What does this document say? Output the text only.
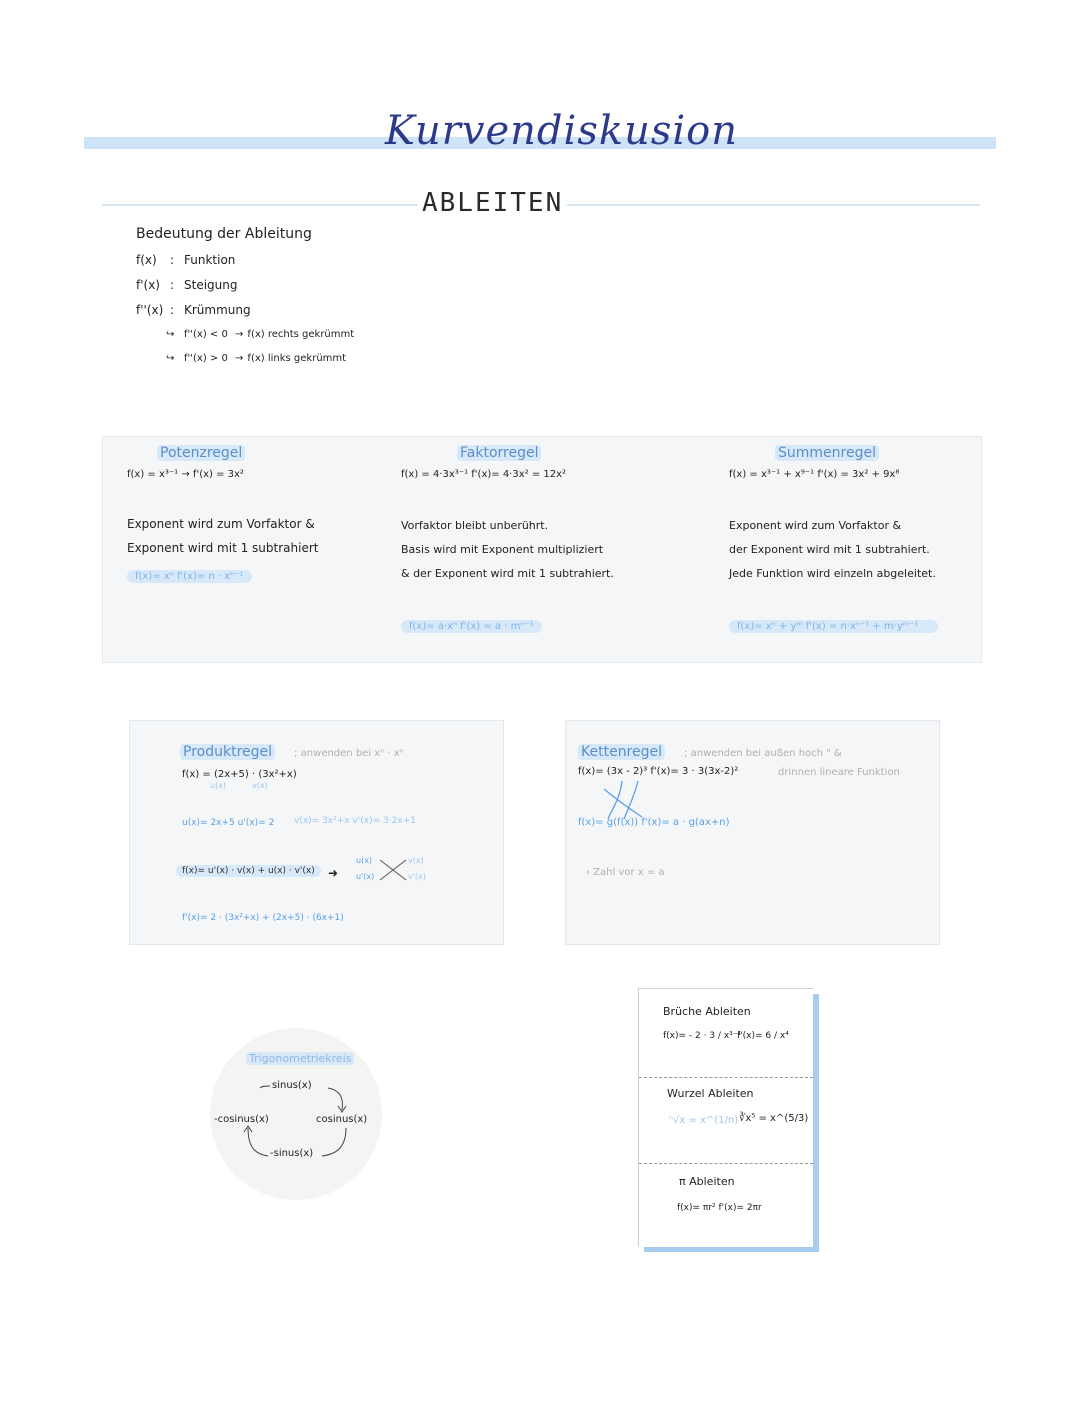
Kurvendiskusion
ABLEITEN
Bedeutung der Ableitung
f(x) : Funktion
f'(x) : Steigung
f''(x) : Krümmung
↪ f''(x) < 0 → f(x) rechts gekrümmt
↪ f''(x) > 0 → f(x) links gekrümmt
Potenzregel
f(x) = x³⁻¹ → f'(x) = 3x²
Exponent wird zum Vorfaktor &
Exponent wird mit 1 subtrahiert
f(x)= xⁿ f'(x)= n · xⁿ⁻¹
Faktorregel
f(x) = 4·3x³⁻¹ f'(x)= 4·3x² = 12x²
Vorfaktor bleibt unberührt.
Basis wird mit Exponent multipliziert
& der Exponent wird mit 1 subtrahiert.
f(x)= a·xⁿ f'(x) = a · mⁿ⁻¹
Summenregel
f(x) = x³⁻¹ + x⁹⁻¹ f'(x) = 3x² + 9x⁸
Exponent wird zum Vorfaktor &
der Exponent wird mit 1 subtrahiert.
Jede Funktion wird einzeln abgeleitet.
f(x)= xⁿ + yᵐ f'(x) = n·xⁿ⁻¹ + m·yᵐ⁻¹
Produktregel ; anwenden bei xⁿ · xⁿ
f(x) = (2x+5) · (3x²+x)
u(x)	v(x)
u(x)= 2x+5 u'(x)= 2 v(x)= 3x²+x v'(x)= 3·2x+1
f(x)= u'(x) · v(x) + u(x) · v'(x)	➜
u(x)
u'(x)
v(x)
v'(x)
f'(x)= 2 · (3x²+x) + (2x+5) · (6x+1)
Kettenregel ; anwenden bei außen hoch " &
drinnen lineare Funktion
f(x)= (3x - 2)³ f'(x)= 3 · 3(3x-2)²
f(x)= g(f(x)) f'(x)= a · g(ax+n)
› Zahl vor x = a
Trigonometriekreis
sinus(x)
-cosinus(x)	cosinus(x)
-sinus(x)
Brüche Ableiten
f(x)= - 2 · 3 / x³⁻¹
f'(x)= 6 / x⁴
Wurzel Ableiten
ⁿ√x = x^(1/n) ∛x⁵ = x^(5/3)
π Ableiten
f(x)= πr² f'(x)= 2πr
